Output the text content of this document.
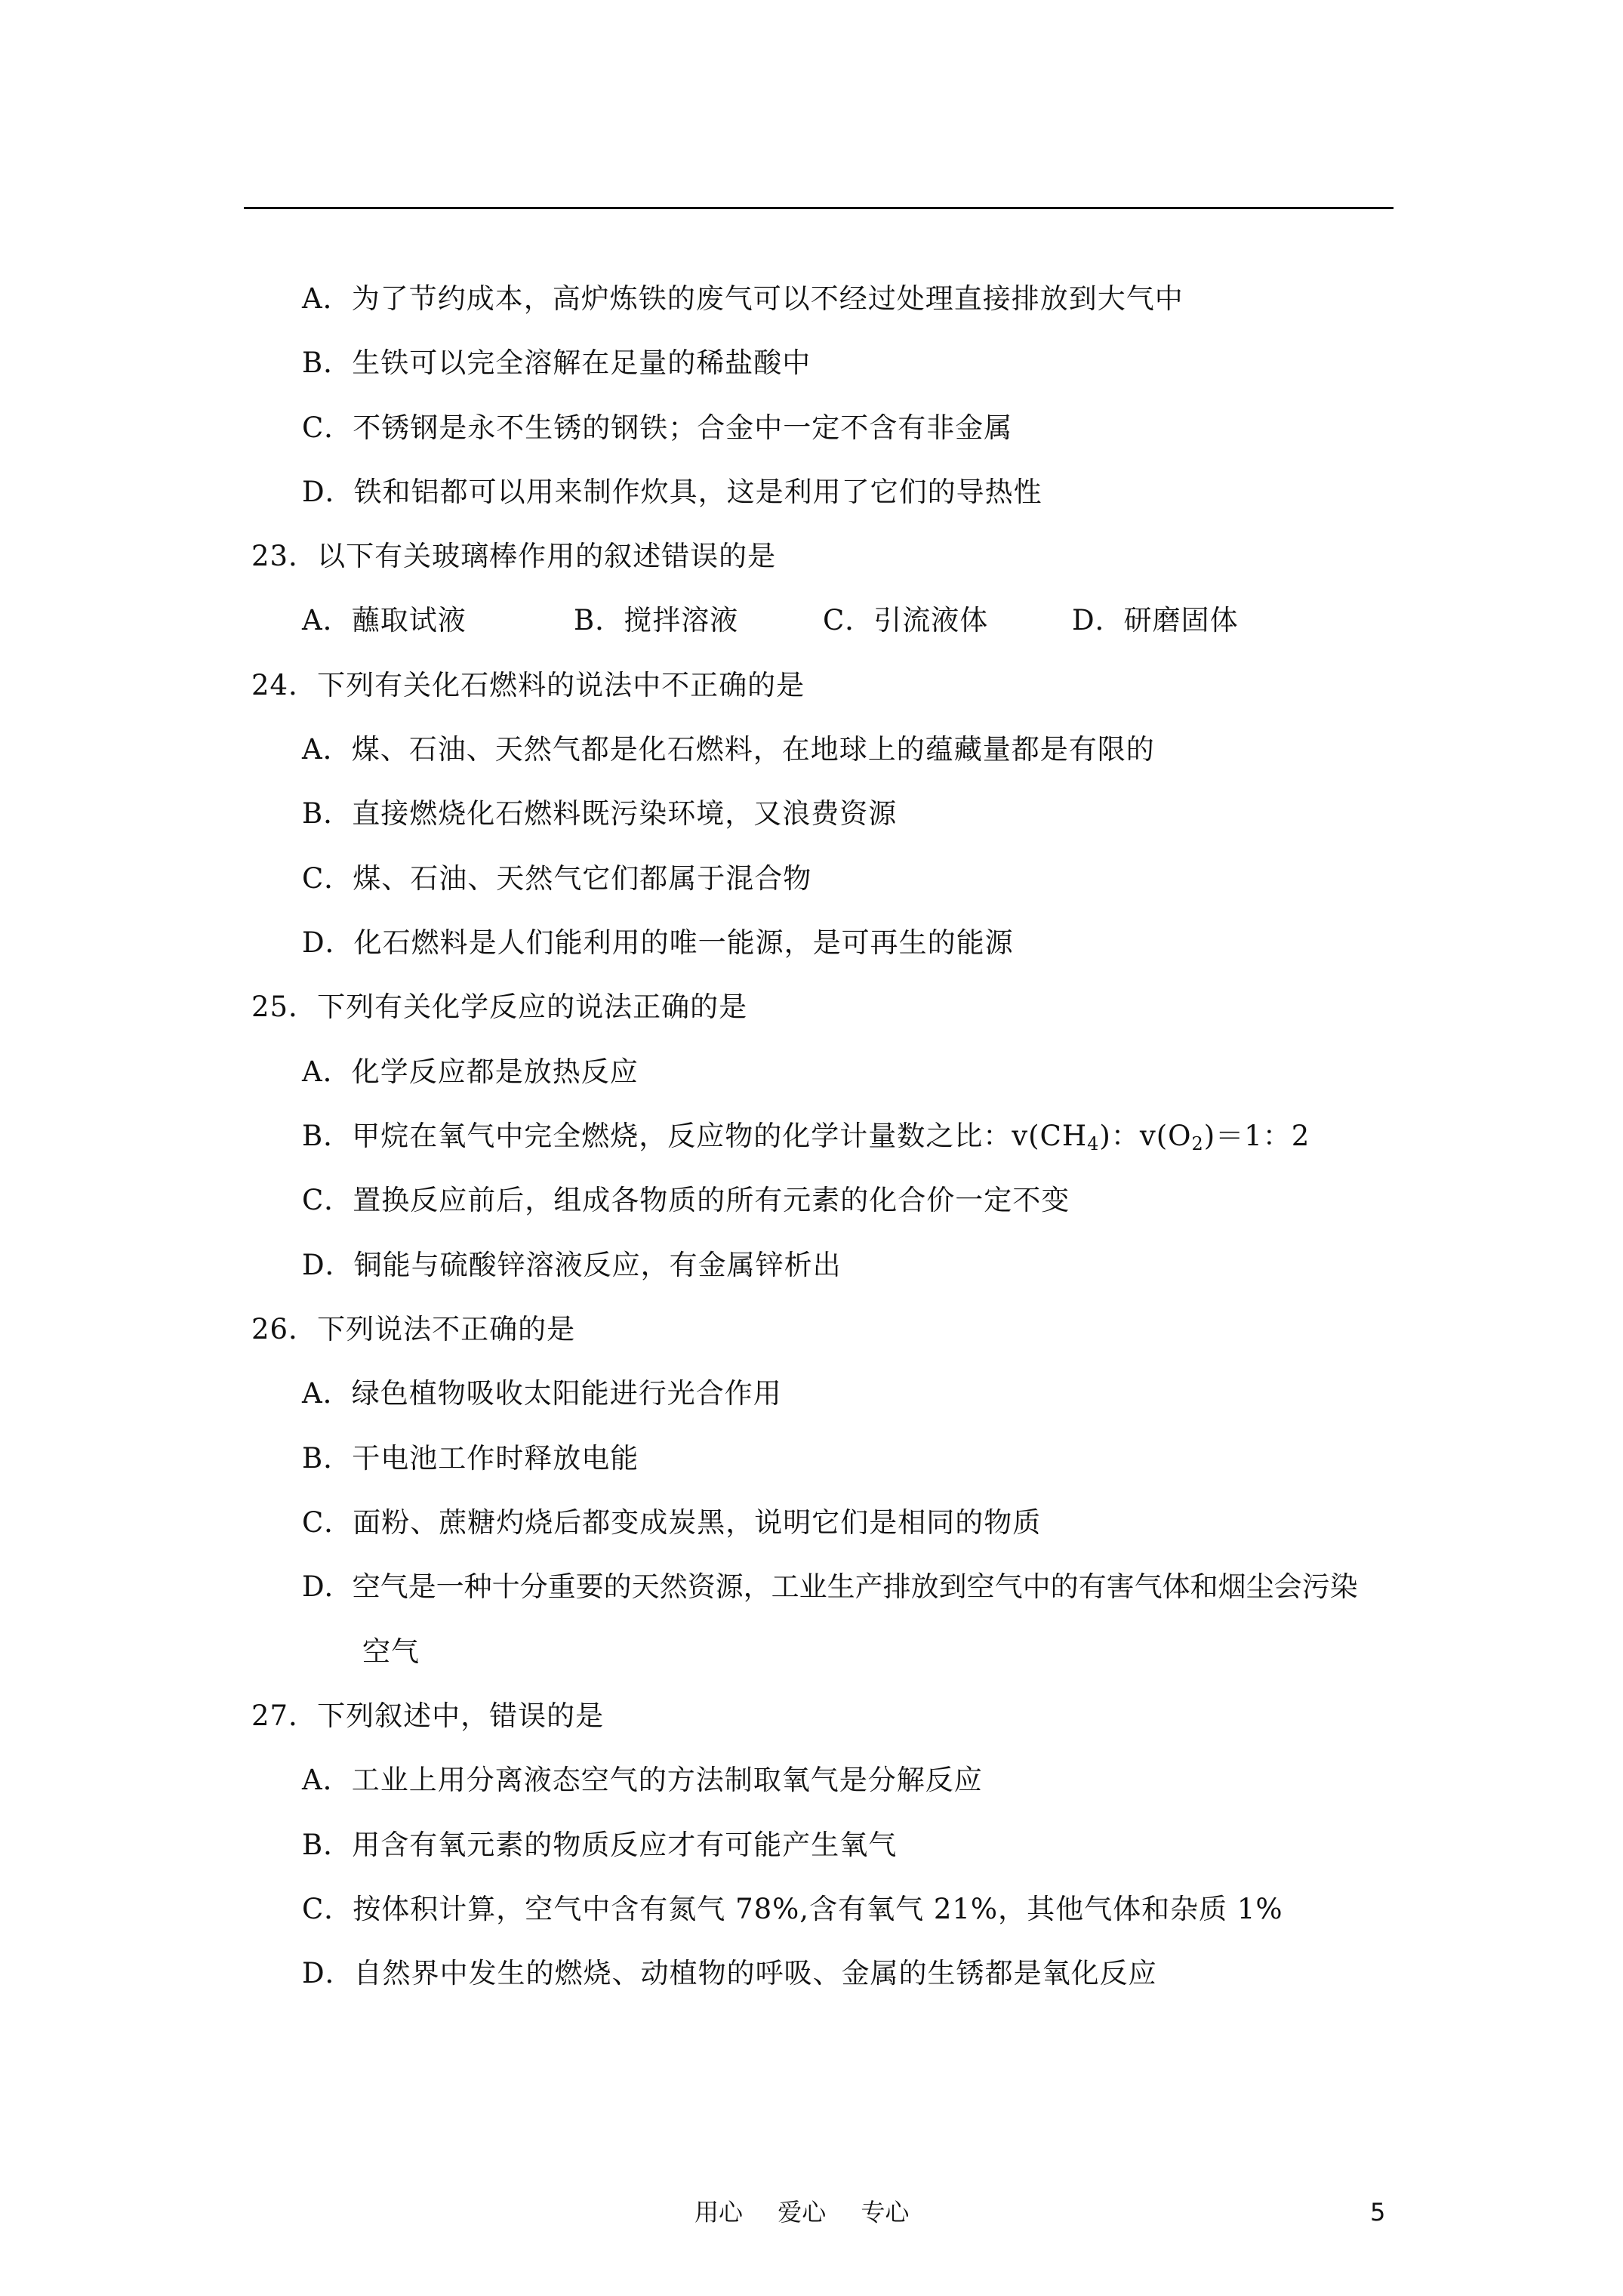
A．为了节约成本，高炉炼铁的废气可以不经过处理直接排放到大气中
B．生铁可以完全溶解在足量的稀盐酸中
C．不锈钢是永不生锈的钢铁；合金中一定不含有非金属
D．铁和铝都可以用来制作炊具，这是利用了它们的导热性
23．以下有关玻璃棒作用的叙述错误的是
A．蘸取试液	B．搅拌溶液	C．引流液体	D．研磨固体
24．下列有关化石燃料的说法中不正确的是
A．煤、石油、天然气都是化石燃料，在地球上的蕴藏量都是有限的
B．直接燃烧化石燃料既污染环境，又浪费资源
C．煤、石油、天然气它们都属于混合物
D．化石燃料是人们能利用的唯一能源，是可再生的能源
25．下列有关化学反应的说法正确的是
A．化学反应都是放热反应
B．甲烷在氧气中完全燃烧，反应物的化学计量数之比：$v(CH_4)$：$v(O_2)=1$：2
C．置换反应前后，组成各物质的所有元素的化合价一定不变
D．铜能与硫酸锌溶液反应，有金属锌析出
26．下列说法不正确的是
A．绿色植物吸收太阳能进行光合作用
B．干电池工作时释放电能
C．面粉、蔗糖灼烧后都变成炭黑，说明它们是相同的物质
D．空气是一种十分重要的天然资源，工业生产排放到空气中的有害气体和烟尘会污染
空气
27．下列叙述中，错误的是
A．工业上用分离液态空气的方法制取氧气是分解反应
B．用含有氧元素的物质反应才有可能产生氧气
C．按体积计算，空气中含有氮气 78%,含有氧气 21%，其他气体和杂质 1%
D．自然界中发生的燃烧、动植物的呼吸、金属的生锈都是氧化反应
用心 爱心 专心	5
